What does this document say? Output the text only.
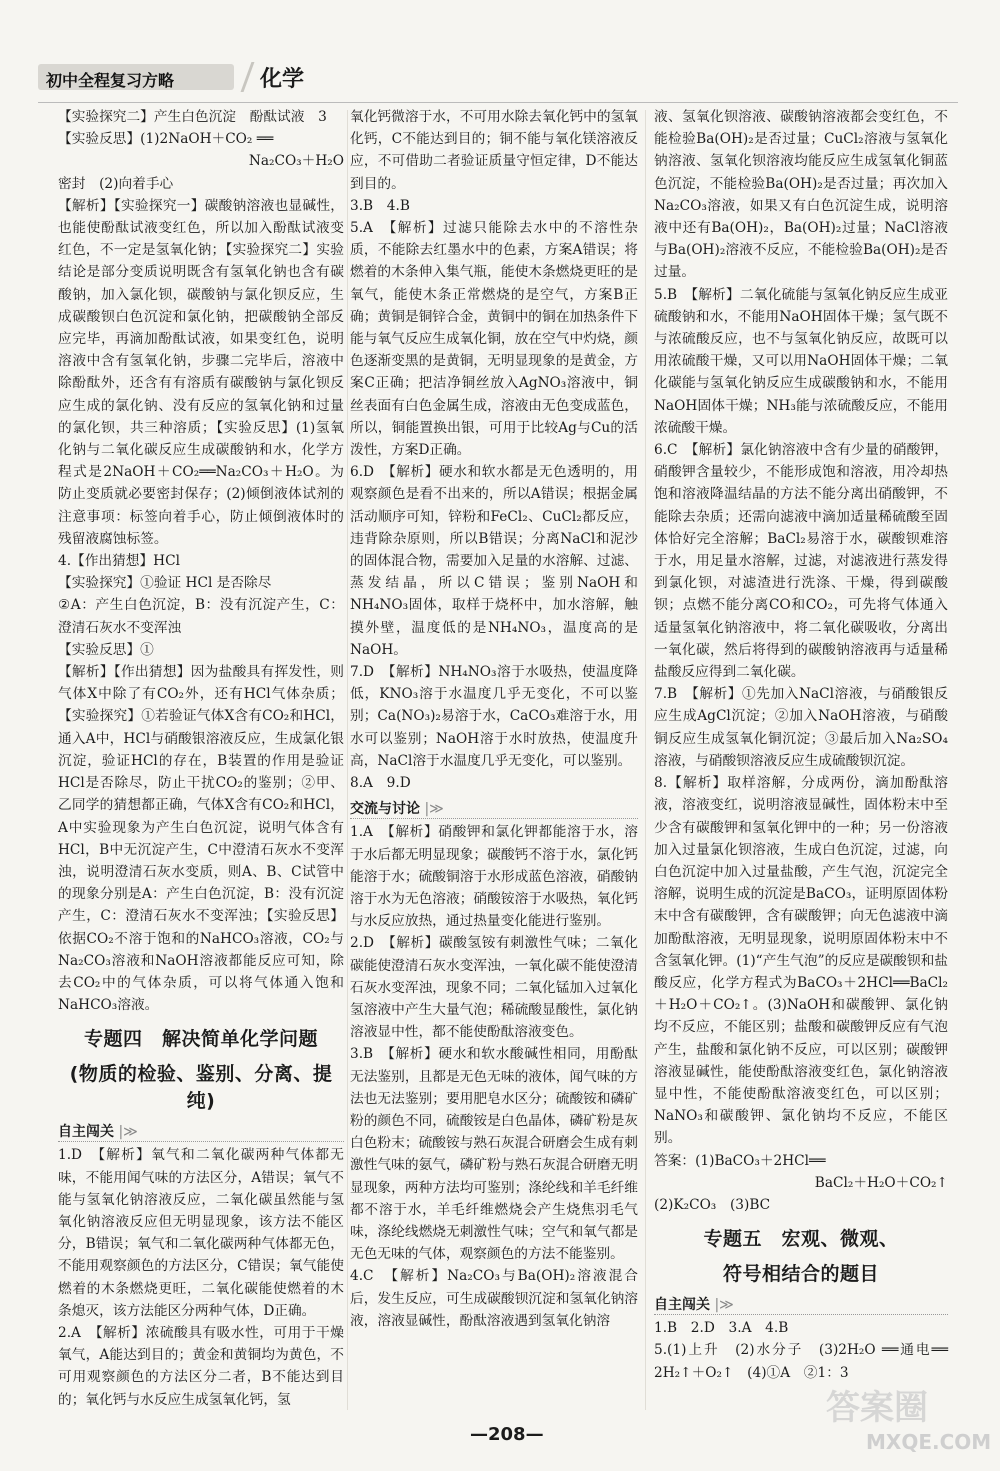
初中全程复习方略	化学

【实验探究二】产生白色沉淀　酚酞试液　3

【实验反思】(1)2NaOH＋CO₂ ══

Na₂CO₃＋H₂O

密封　(2)向着手心

【解析】【实验探究一】碳酸钠溶液也显碱性，也能使酚酞试液变红色，所以加入酚酞试液变红色，不一定是氢氧化钠；【实验探究二】实验结论是部分变质说明既含有氢氧化钠也含有碳酸钠，加入氯化钡，碳酸钠与氯化钡反应，生成碳酸钡白色沉淀和氯化钠，把碳酸钠全部反应完毕，再滴加酚酞试液，如果变红色，说明溶液中含有氢氧化钠，步骤二完毕后，溶液中除酚酞外，还含有有溶质有碳酸钠与氯化钡反应生成的氯化钠、没有反应的氢氧化钠和过量的氯化钡，共三种溶质；【实验反思】(1)氢氧化钠与二氧化碳反应生成碳酸钠和水，化学方程式是2NaOH＋CO₂══Na₂CO₃＋H₂O。为防止变质就必要密封保存；(2)倾倒液体试剂的注意事项：标签向着手心，防止倾倒液体时的残留液腐蚀标签。

4.【作出猜想】HCl

【实验探究】①验证 HCl 是否除尽

②A：产生白色沉淀，B：没有沉淀产生，C：澄清石灰水不变浑浊

【实验反思】①

【解析】【作出猜想】因为盐酸具有挥发性，则气体X中除了有CO₂外，还有HCl气体杂质；【实验探究】①若验证气体X含有CO₂和HCl，通入A中，HCl与硝酸银溶液反应，生成氯化银沉淀，验证HCl的存在，B装置的作用是验证HCl是否除尽，防止干扰CO₂的鉴别；②甲、乙同学的猜想都正确，气体X含有CO₂和HCl，A中实验现象为产生白色沉淀，说明气体含有HCl，B中无沉淀产生，C中澄清石灰水不变浑浊，说明澄清石灰水变质，则A、B、C试管中的现象分别是A：产生白色沉淀，B：没有沉淀产生，C：澄清石灰水不变浑浊；【实验反思】依据CO₂不溶于饱和的NaHCO₃溶液，CO₂与Na₂CO₃溶液和NaOH溶液都能反应可知，除去CO₂中的气体杂质，可以将气体通入饱和NaHCO₃溶液。

专题四　解决简单化学问题
(物质的检验、鉴别、分离、提纯)
自主闯关 |≫

1.D　【解析】氧气和二氧化碳两种气体都无味，不能用闻气味的方法区分，A错误；氧气不能与氢氧化钠溶液反应，二氧化碳虽然能与氢氧化钠溶液反应但无明显现象，该方法不能区分，B错误；氧气和二氧化碳两种气体都无色，不能用观察颜色的方法区分，C错误；氧气能使燃着的木条燃烧更旺，二氧化碳能使燃着的木条熄灭，该方法能区分两种气体，D正确。

2.A　【解析】浓硫酸具有吸水性，可用于干燥氧气，A能达到目的；黄金和黄铜均为黄色，不可用观察颜色的方法区分二者，B不能达到目的；氧化钙与水反应生成氢氧化钙，氢

氧化钙微溶于水，不可用水除去氧化钙中的氢氧化钙，C不能达到目的；铜不能与氧化镁溶液反应，不可借助二者验证质量守恒定律，D不能达到目的。

3.B　4.B

5.A　【解析】过滤只能除去水中的不溶性杂质，不能除去红墨水中的色素，方案A错误；将燃着的木条伸入集气瓶，能使木条燃烧更旺的是氧气，能使木条正常燃烧的是空气，方案B正确；黄铜是铜锌合金，黄铜中的铜在加热条件下能与氧气反应生成氧化铜，放在空气中灼烧，颜色逐渐变黑的是黄铜，无明显现象的是黄金，方案C正确；把洁净铜丝放入AgNO₃溶液中，铜丝表面有白色金属生成，溶液由无色变成蓝色，所以，铜能置换出银，可用于比较Ag与Cu的活泼性，方案D正确。

6.D　【解析】硬水和软水都是无色透明的，用观察颜色是看不出来的，所以A错误；根据金属活动顺序可知，锌粉和FeCl₂、CuCl₂都反应，违背除杂原则，所以B错误；分离NaCl和泥沙的固体混合物，需要加入足量的水溶解、过滤、蒸发结晶，所以C错误；鉴别NaOH和NH₄NO₃固体，取样于烧杯中，加水溶解，触摸外壁，温度低的是NH₄NO₃，温度高的是NaOH。

7.D　【解析】NH₄NO₃溶于水吸热，使温度降低，KNO₃溶于水温度几乎无变化，不可以鉴别；Ca(NO₃)₂易溶于水，CaCO₃难溶于水，用水可以鉴别；NaOH溶于水时放热，使温度升高，NaCl溶于水温度几乎无变化，可以鉴别。

8.A　9.D

交流与讨论 |≫

1.A　【解析】硝酸钾和氯化钾都能溶于水，溶于水后都无明显现象；碳酸钙不溶于水，氯化钙能溶于水；硫酸铜溶于水形成蓝色溶液，硝酸钠溶于水为无色溶液；硝酸铵溶于水吸热，氧化钙与水反应放热，通过热量变化能进行鉴别。

2.D　【解析】碳酸氢铵有刺激性气味；二氧化碳能使澄清石灰水变浑浊，一氧化碳不能使澄清石灰水变浑浊，现象不同；二氧化锰加入过氧化氢溶液中产生大量气泡；稀硫酸显酸性，氯化钠溶液显中性，都不能使酚酞溶液变色。

3.B　【解析】硬水和软水酸碱性相同，用酚酞无法鉴别，且都是无色无味的液体，闻气味的方法也无法鉴别；要用肥皂水区分；硫酸铵和磷矿粉的颜色不同，硫酸铵是白色晶体，磷矿粉是灰白色粉末；硫酸铵与熟石灰混合研磨会生成有刺激性气味的氨气，磷矿粉与熟石灰混合研磨无明显现象，两种方法均可鉴别；涤纶线和羊毛纤维都不溶于水，羊毛纤维燃烧会产生烧焦羽毛气味，涤纶线燃烧无刺激性气味；空气和氧气都是无色无味的气体，观察颜色的方法不能鉴别。

4.C　【解析】Na₂CO₃与Ba(OH)₂溶液混合后，发生反应，可生成碳酸钡沉淀和氢氧化钠溶液，溶液显碱性，酚酞溶液遇到氢氧化钠溶

液、氢氧化钡溶液、碳酸钠溶液都会变红色，不能检验Ba(OH)₂是否过量；CuCl₂溶液与氢氧化钠溶液、氢氧化钡溶液均能反应生成氢氧化铜蓝色沉淀，不能检验Ba(OH)₂是否过量；再次加入Na₂CO₃溶液，如果又有白色沉淀生成，说明溶液中还有Ba(OH)₂，Ba(OH)₂过量；NaCl溶液与Ba(OH)₂溶液不反应，不能检验Ba(OH)₂是否过量。

5.B　【解析】二氧化硫能与氢氧化钠反应生成亚硫酸钠和水，不能用NaOH固体干燥；氢气既不与浓硫酸反应，也不与氢氧化钠反应，故既可以用浓硫酸干燥，又可以用NaOH固体干燥；二氧化碳能与氢氧化钠反应生成碳酸钠和水，不能用NaOH固体干燥；NH₃能与浓硫酸反应，不能用浓硫酸干燥。

6.C　【解析】氯化钠溶液中含有少量的硝酸钾，硝酸钾含量较少，不能形成饱和溶液，用冷却热饱和溶液降温结晶的方法不能分离出硝酸钾，不能除去杂质；还需向滤液中滴加适量稀硫酸至固体恰好完全溶解；BaCl₂易溶于水，碳酸钡难溶于水，用足量水溶解，过滤，对滤液进行蒸发得到氯化钡，对滤渣进行洗涤、干燥，得到碳酸钡；点燃不能分离CO和CO₂，可先将气体通入适量氢氧化钠溶液中，将二氧化碳吸收，分离出一氧化碳，然后将得到的碳酸钠溶液再与适量稀盐酸反应得到二氧化碳。

7.B　【解析】①先加入NaCl溶液，与硝酸银反应生成AgCl沉淀；②加入NaOH溶液，与硝酸铜反应生成氢氧化铜沉淀；③最后加入Na₂SO₄溶液，与硝酸钡溶液反应生成硫酸钡沉淀。

8.【解析】取样溶解，分成两份，滴加酚酞溶液，溶液变红，说明溶液显碱性，固体粉末中至少含有碳酸钾和氢氧化钾中的一种；另一份溶液加入过量氯化钡溶液，生成白色沉淀，过滤，向白色沉淀中加入过量盐酸，产生气泡，沉淀完全溶解，说明生成的沉淀是BaCO₃，证明原固体粉末中含有碳酸钾，含有碳酸钾；向无色滤液中滴加酚酞溶液，无明显现象，说明原固体粉末中不含氢氧化钾。(1)“产生气泡”的反应是碳酸钡和盐酸反应，化学方程式为BaCO₃＋2HCl══BaCl₂＋H₂O＋CO₂↑。(3)NaOH和碳酸钾、氯化钠均不反应，不能区别；盐酸和碳酸钾反应有气泡产生，盐酸和氯化钠不反应，可以区别；碳酸钾溶液显碱性，能使酚酞溶液变红色，氯化钠溶液显中性，不能使酚酞溶液变红色，可以区别；NaNO₃和碳酸钾、氯化钠均不反应，不能区别。

答案：(1)BaCO₃＋2HCl══

BaCl₂＋H₂O＋CO₂↑

(2)K₂CO₃　(3)BC

专题五　宏观、微观、
符号相结合的题目
自主闯关 |≫

1.B　2.D　3.A　4.B

5.(1)上升　(2)水分子　(3)2H₂O ══通电══ 2H₂↑＋O₂↑　(4)①A　②1：3

—208—
答案圈
MXQE.COM
